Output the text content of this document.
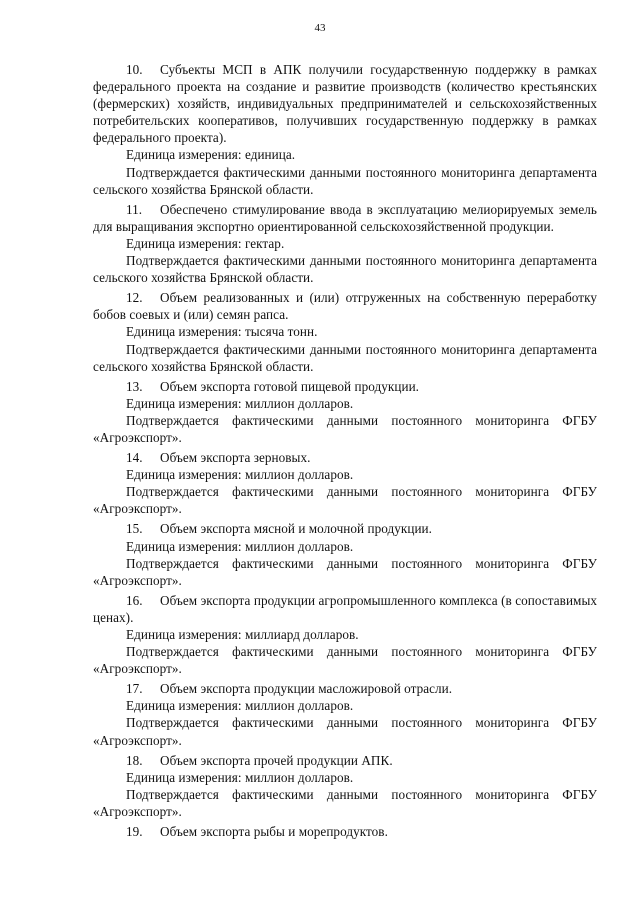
43

10. Субъекты МСП в АПК получили государственную поддержку в рамках федерального проекта на создание и развитие производств (количество крестьянских (фермерских) хозяйств, индивидуальных предпринимателей и сельскохозяйственных потребительских кооперативов, получивших государственную поддержку в рамках федерального проекта).

Единица измерения: единица.

Подтверждается фактическими данными постоянного мониторинга департамента сельского хозяйства Брянской области.

11. Обеспечено стимулирование ввода в эксплуатацию мелиорируемых земель для выращивания экспортно ориентированной сельскохозяйственной продукции.

Единица измерения: гектар.

Подтверждается фактическими данными постоянного мониторинга департамента сельского хозяйства Брянской области.

12. Объем реализованных и (или) отгруженных на собственную переработку бобов соевых и (или) семян рапса.

Единица измерения: тысяча тонн.

Подтверждается фактическими данными постоянного мониторинга департамента сельского хозяйства Брянской области.

13. Объем экспорта готовой пищевой продукции.

Единица измерения: миллион долларов.

Подтверждается фактическими данными постоянного мониторинга ФГБУ «Агроэкспорт».

14. Объем экспорта зерновых.

Единица измерения: миллион долларов.

Подтверждается фактическими данными постоянного мониторинга ФГБУ «Агроэкспорт».

15. Объем экспорта мясной и молочной продукции.

Единица измерения: миллион долларов.

Подтверждается фактическими данными постоянного мониторинга ФГБУ «Агроэкспорт».

16. Объем экспорта продукции агропромышленного комплекса (в сопоставимых ценах).

Единица измерения: миллиард долларов.

Подтверждается фактическими данными постоянного мониторинга ФГБУ «Агроэкспорт».

17. Объем экспорта продукции масложировой отрасли.

Единица измерения: миллион долларов.

Подтверждается фактическими данными постоянного мониторинга ФГБУ «Агроэкспорт».

18. Объем экспорта прочей продукции АПК.

Единица измерения: миллион долларов.

Подтверждается фактическими данными постоянного мониторинга ФГБУ «Агроэкспорт».

19. Объем экспорта рыбы и морепродуктов.
